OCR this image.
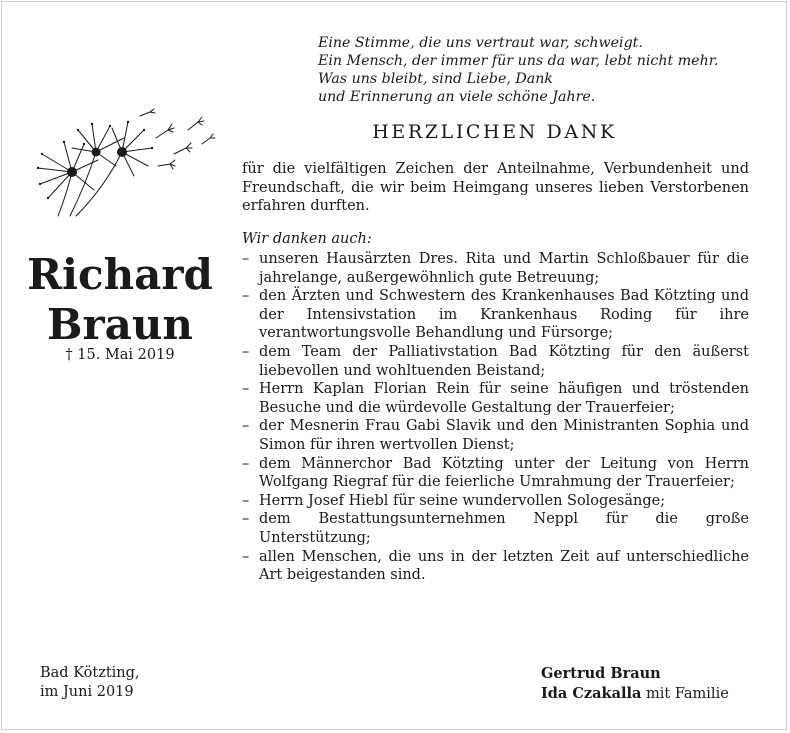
Eine Stimme, die uns vertraut war, schweigt.
Ein Mensch, der immer für uns da war, lebt nicht mehr.
Was uns bleibt, sind Liebe, Dank
und Erinnerung an viele schöne Jahre.
HERZLICHEN DANK
für die vielfältigen Zeichen der Anteilnahme, Verbundenheit und Freundschaft, die wir beim Heimgang unseres lieben Verstorbenen erfahren durften.
Wir danken auch:
– unseren Hausärzten Dres. Rita und Martin Schloßbauer für die jahrelange, außergewöhnlich gute Betreuung;
– den Ärzten und Schwestern des Krankenhauses Bad Kötzting und der Intensivstation im Krankenhaus Roding für ihre verantwortungsvolle Behandlung und Fürsorge;
– dem Team der Palliativstation Bad Kötzting für den äußerst liebevollen und wohltuenden Beistand;
– Herrn Kaplan Florian Rein für seine häufigen und tröstenden Besuche und die würdevolle Gestaltung der Trauerfeier;
– der Mesnerin Frau Gabi Slavik und den Ministranten Sophia und Simon für ihren wertvollen Dienst;
– dem Männerchor Bad Kötzting unter der Leitung von Herrn Wolfgang Riegraf für die feierliche Umrahmung der Trauerfeier;
– Herrn Josef Hiebl für seine wundervollen Sologesänge;
– dem Bestattungsunternehmen Neppl für die große Unterstützung;
– allen Menschen, die uns in der letzten Zeit auf unterschiedliche Art beigestanden sind.
Richard
Braun
† 15. Mai 2019
Bad Kötzting,
im Juni 2019
Gertrud Braun
Ida Czakalla mit Familie
